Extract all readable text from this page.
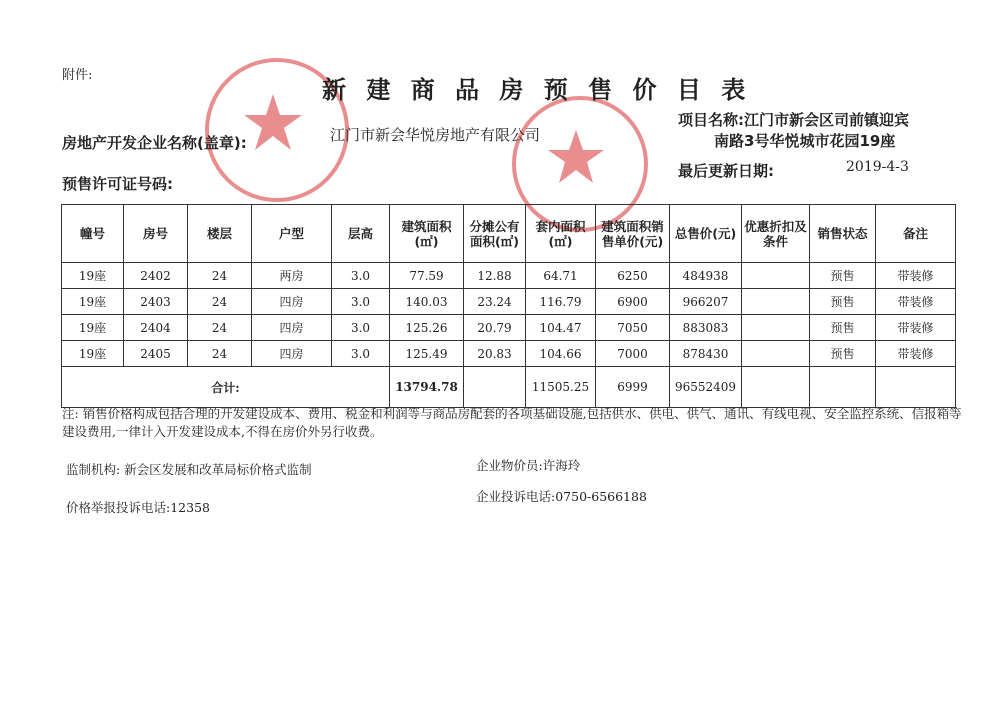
附件:
新 建 商 品 房 预 售 价 目 表
项目名称:江门市新会区司前镇迎宾
南路3号华悦城市花园19座
房地产开发企业名称(盖章):	江门市新会华悦房地产有限公司
最后更新日期:	2019-4-3
预售许可证号码:
幢号	房号	楼层	户型	层高	建筑面积(㎡)	分摊公有面积(㎡)	套内面积(㎡)	建筑面积销售单价(元)	总售价(元)	优惠折扣及条件	销售状态	备注
19座	2402	24	两房	3.0	77.59	12.88	64.71	6250	484938		预售	带装修
19座	2403	24	四房	3.0	140.03	23.24	116.79	6900	966207		预售	带装修
19座	2404	24	四房	3.0	125.26	20.79	104.47	7050	883083		预售	带装修
19座	2405	24	四房	3.0	125.49	20.83	104.66	7000	878430		预售	带装修
合计:					13794.78		11505.25	6999	96552409			
注: 销售价格构成包括合理的开发建设成本、费用、税金和利润等与商品房配套的各项基础设施,包括供水、供电、供气、通讯、有线电视、安全监控系统、信报箱等建设费用,一律计入开发建设成本,不得在房价外另行收费。
监制机构: 新会区发展和改革局标价格式监制	企业物价员:许海玲
企业投诉电话:0750-6566188
价格举报投诉电话:12358
